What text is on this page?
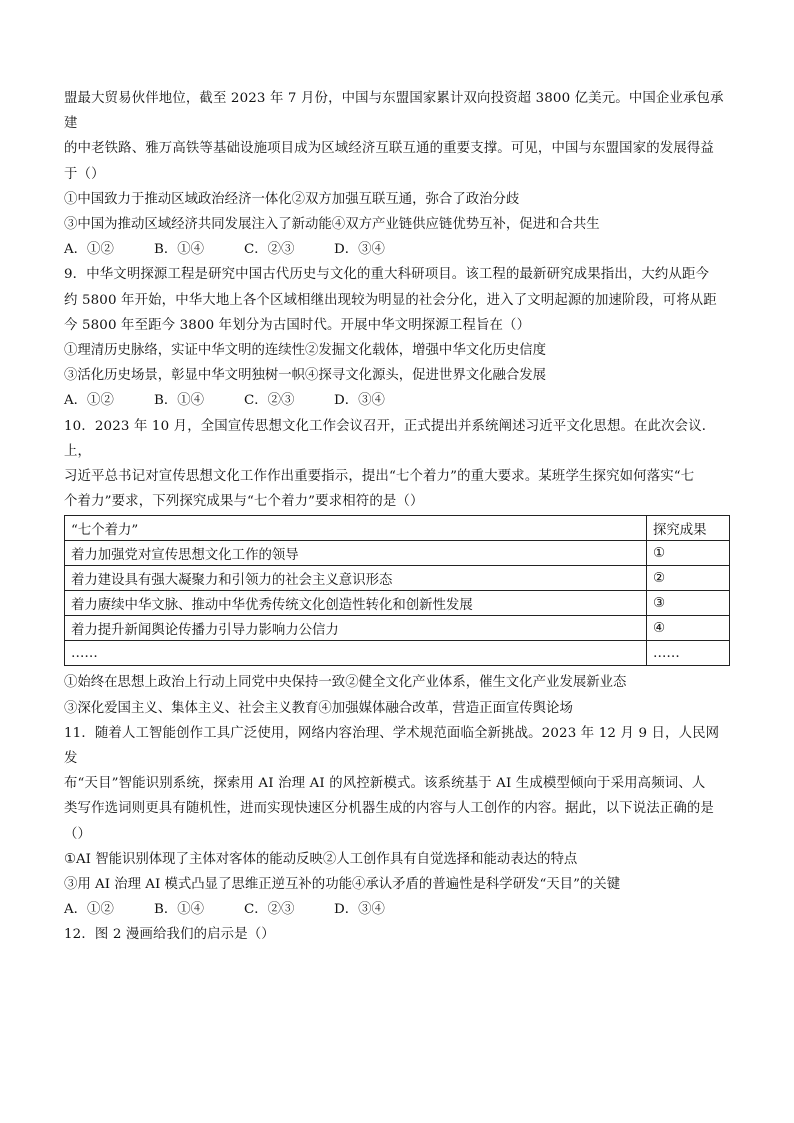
盟最大贸易伙伴地位，截至 2023 年 7 月份，中国与东盟国家累计双向投资超 3800 亿美元。中国企业承包承建

的中老铁路、雅万高铁等基础设施项目成为区域经济互联互通的重要支撑。可见，中国与东盟国家的发展得益

于（）

①中国致力于推动区域政治经济一体化②双方加强互联互通，弥合了政治分歧

③中国为推动区域经济共同发展注入了新动能④双方产业链供应链优势互补，促进和合共生

A．①②	B．①④	C．②③	D．③④

9．中华文明探源工程是研究中国古代历史与文化的重大科研项目。该工程的最新研究成果指出，大约从距今

约 5800 年开始，中华大地上各个区域相继出现较为明显的社会分化，进入了文明起源的加速阶段，可将从距

今 5800 年至距今 3800 年划分为古国时代。开展中华文明探源工程旨在（）

①理清历史脉络，实证中华文明的连续性②发掘文化载体，增强中华文化历史信度

③活化历史场景，彰显中华文明独树一帜④探寻文化源头，促进世界文化融合发展

A．①②	B．①④	C．②③	D．③④

10．2023 年 10 月，全国宣传思想文化工作会议召开，正式提出并系统阐述习近平文化思想。在此次会议．上，

习近平总书记对宣传思想文化工作作出重要指示，提出“七个着力”的重大要求。某班学生探究如何落实“七

个着力”要求，下列探究成果与“七个着力”要求相符的是（）

“七个着力”	探究成果
着力加强党对宣传思想文化工作的领导	①
着力建设具有强大凝聚力和引领力的社会主义意识形态	②
着力赓续中华文脉、推动中华优秀传统文化创造性转化和创新性发展	③
着力提升新闻舆论传播力引导力影响力公信力	④
……	……

①始终在思想上政治上行动上同党中央保持一致②健全文化产业体系，催生文化产业发展新业态

③深化爱国主义、集体主义、社会主义教育④加强媒体融合改革，营造正面宣传舆论场

11．随着人工智能创作工具广泛使用，网络内容治理、学术规范面临全新挑战。2023 年 12 月 9 日，人民网发

布“天目”智能识别系统，探索用 AI 治理 AI 的风控新模式。该系统基于 AI 生成模型倾向于采用高频词、人

类写作选词则更具有随机性，进而实现快速区分机器生成的内容与人工创作的内容。据此，以下说法正确的是

（）

①AI 智能识别体现了主体对客体的能动反映②人工创作具有自觉选择和能动表达的特点

③用 AI 治理 AI 模式凸显了思维正逆互补的功能④承认矛盾的普遍性是科学研发“天目”的关键

A．①②	B．①④	C．②③	D．③④

12．图 2 漫画给我们的启示是（）
